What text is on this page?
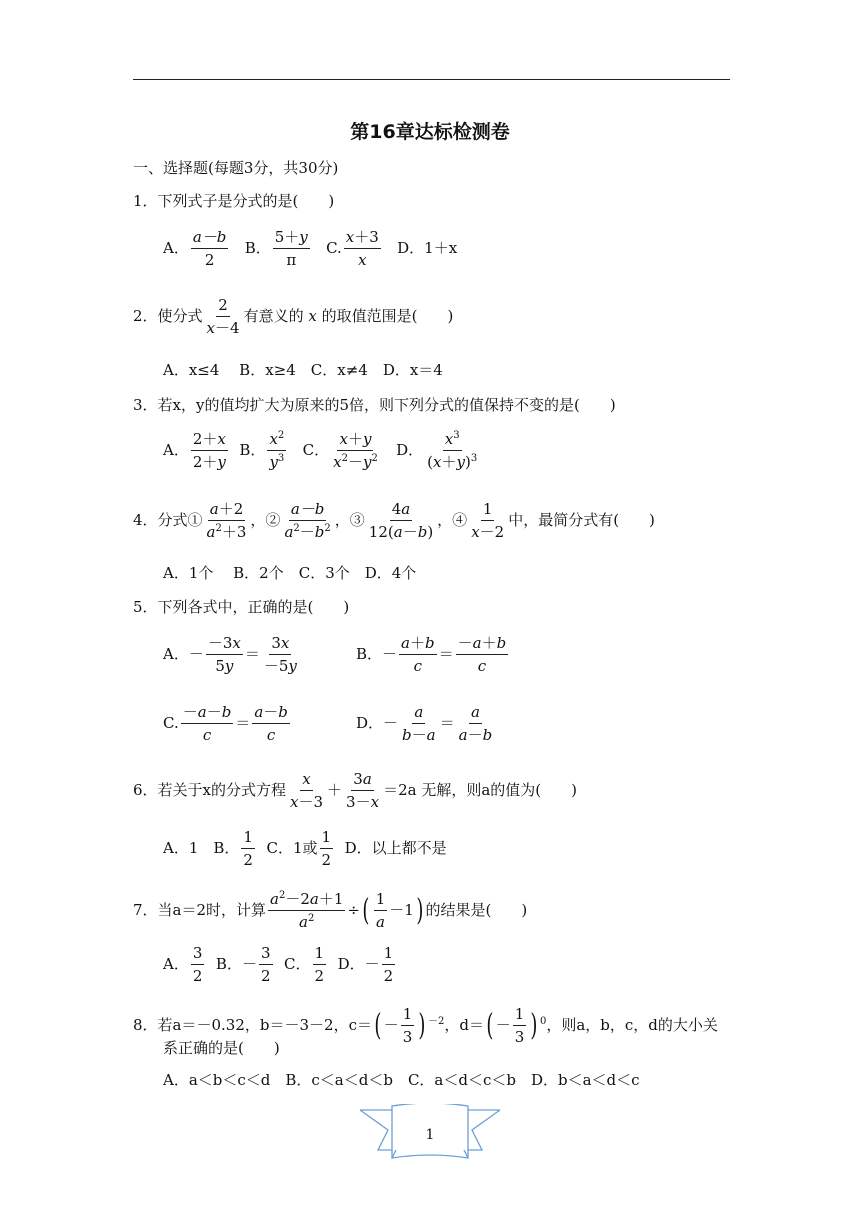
第16章达标检测卷
一、选择题(每题3分，共30分)
1．下列式子是分式的是(　　)
A． $\frac{a-b}{2}$ B． $\frac{5+y}{\pi} C$. $\frac{x+3}{x}$ D．1＋x
2．使分式 $\frac{2}{x-4}$ 有意义的 x 的取值范围是(　　)
A．x≤4　 B．x≥4　C．x≠4　D．x＝4
3．若x，y的值均扩大为原来的5倍，则下列分式的值保持不变的是(　　)
A． $\frac{2+x}{2+y}$ B． $\frac{x^2}{y^3}$ C． $\frac{x+y}{x^2-y^2}$ D． $\frac{x^3}{(x+y)^3}$
4．分式① $\frac{a+2}{a^2+3}$ ，② $\frac{a-b}{a^2-b^2}$ ，③ $\frac{4a}{12(a-b)}$ ，④ $\frac{1}{x-2}$ 中，最简分式有(　　)
A．1个　 B．2个　C．3个　D．4个
5．下列各式中，正确的是(　　)
A．－ $\frac{-3x}{5y} = \frac{3x}{-5y}$	B．－ $\frac{a+b}{c} = \frac{-a+b}{c}$
C. $\frac{-a-b}{c} = \frac{a-b}{c}$	D．－ $\frac{a}{b-a} = \frac{a}{a-b}$
6．若关于x的分式方程 $\frac{x}{x-3} + \frac{3a}{3-x} =2a$ 无解，则a的值为(　　)
A．1　B． $\frac{1}{2}$ C．1或 $\frac{1}{2}$ D．以上都不是
7．当a＝2时，计算 $\frac{a^2-2a+1}{a^2}$ ÷( $\frac{1}{a} -1$) 的结果是(　　)
A． $\frac{3}{2}$ B．－ $\frac{3}{2}$ C． $\frac{1}{2}$ D．－ $\frac{1}{2}$
8．若a＝－0.32，b＝－3－2，$c=( - \frac{1}{3}$ ) $^{-2}$，$d=( - \frac{1}{3}$ ) $^0$，则a，b，c，d的大小关
系正确的是(　　)
A．a＜b＜c＜d　B．c＜a＜d＜b　C．a＜d＜c＜b　D．b＜a＜d＜c
1
